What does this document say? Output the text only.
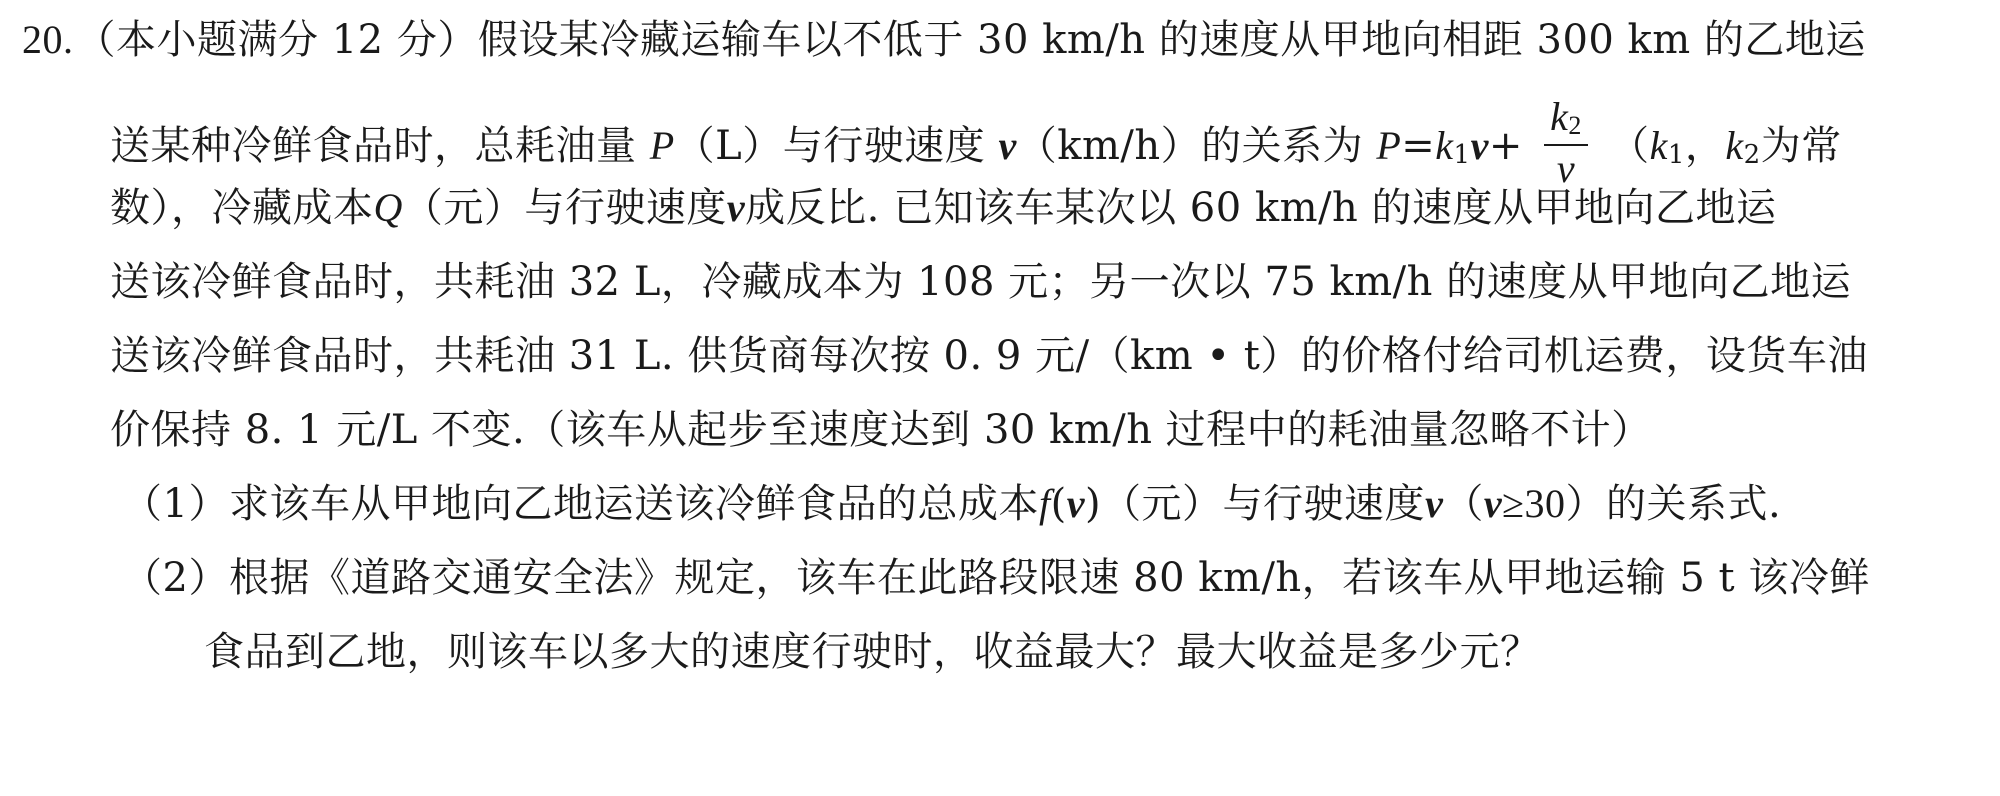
20.（本小题满分 12 分）假设某冷藏运输车以不低于 30 km/h 的速度从甲地向相距 300 km 的乙地运
送某种冷鲜食品时，总耗油量 P（L）与行驶速度 v（km/h）的关系为 $P=k_1v+ \frac{k_2}{v} (k_1$，$k_2$为常
数），冷藏成本Q（元）与行驶速度v成反比. 已知该车某次以 60 km/h 的速度从甲地向乙地运
送该冷鲜食品时，共耗油 32 L，冷藏成本为 108 元；另一次以 75 km/h 的速度从甲地向乙地运
送该冷鲜食品时，共耗油 31 L. 供货商每次按 0. 9 元/（km • t）的价格付给司机运费，设货车油
价保持 8. 1 元/L 不变.（该车从起步至速度达到 30 km/h 过程中的耗油量忽略不计）
（1）求该车从甲地向乙地运送该冷鲜食品的总成本f(v)（元）与行驶速度v（v≥30）的关系式.
（2）根据《道路交通安全法》规定，该车在此路段限速 80 km/h，若该车从甲地运输 5 t 该冷鲜
食品到乙地，则该车以多大的速度行驶时，收益最大？最大收益是多少元？
